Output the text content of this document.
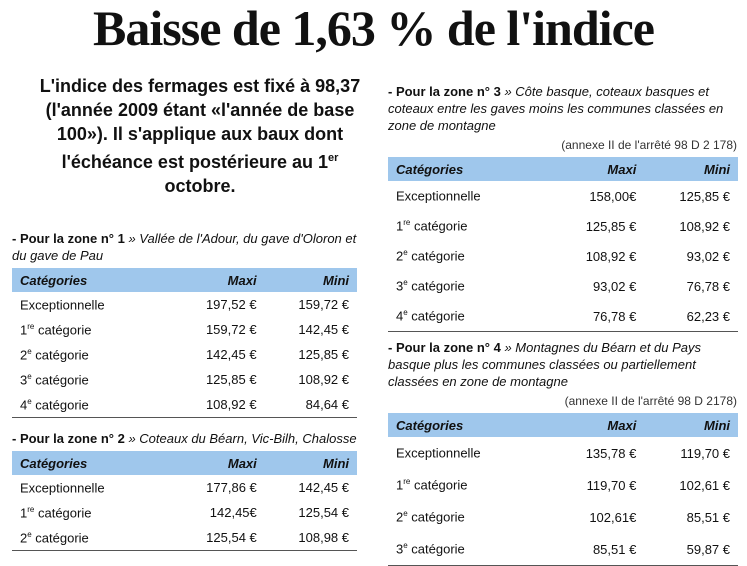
Baisse de 1,63 % de l'indice
L'indice des fermages est fixé à 98,37 (l'année 2009 étant «l'année de base 100»). Il s'applique aux baux dont l'échéance est postérieure au 1er octobre.
- Pour la zone n° 1 » Vallée de l'Adour, du gave d'Oloron et du gave de Pau
Catégories	Maxi	Mini
Exceptionnelle	197,52 €	159,72 €
1re catégorie	159,72 €	142,45 €
2e catégorie	142,45 €	125,85 €
3e catégorie	125,85 €	108,92 €
4e catégorie	108,92 €	84,64 €
- Pour la zone n° 2 » Coteaux du Béarn, Vic-Bilh, Chalosse
Catégories	Maxi	Mini
Exceptionnelle	177,86 €	142,45 €
1re catégorie	142,45€	125,54 €
2e catégorie	125,54 €	108,98 €
- Pour la zone n° 3 » Côte basque, coteaux basques et coteaux entre les gaves moins les communes classées en zone de montagne
(annexe II de l'arrêté 98 D 2 178)
Catégories	Maxi	Mini
Exceptionnelle	158,00€	125,85 €
1re catégorie	125,85 €	108,92 €
2e catégorie	108,92 €	93,02 €
3e catégorie	93,02 €	76,78 €
4e catégorie	76,78 €	62,23 €
- Pour la zone n° 4 » Montagnes du Béarn et du Pays basque plus les communes classées ou partiellement classées en zone de montagne
(annexe II de l'arrêté 98 D 2178)
Catégories	Maxi	Mini
Exceptionnelle	135,78 €	119,70 €
1re catégorie	119,70 €	102,61 €
2e catégorie	102,61€	85,51 €
3e catégorie	85,51 €	59,87 €
